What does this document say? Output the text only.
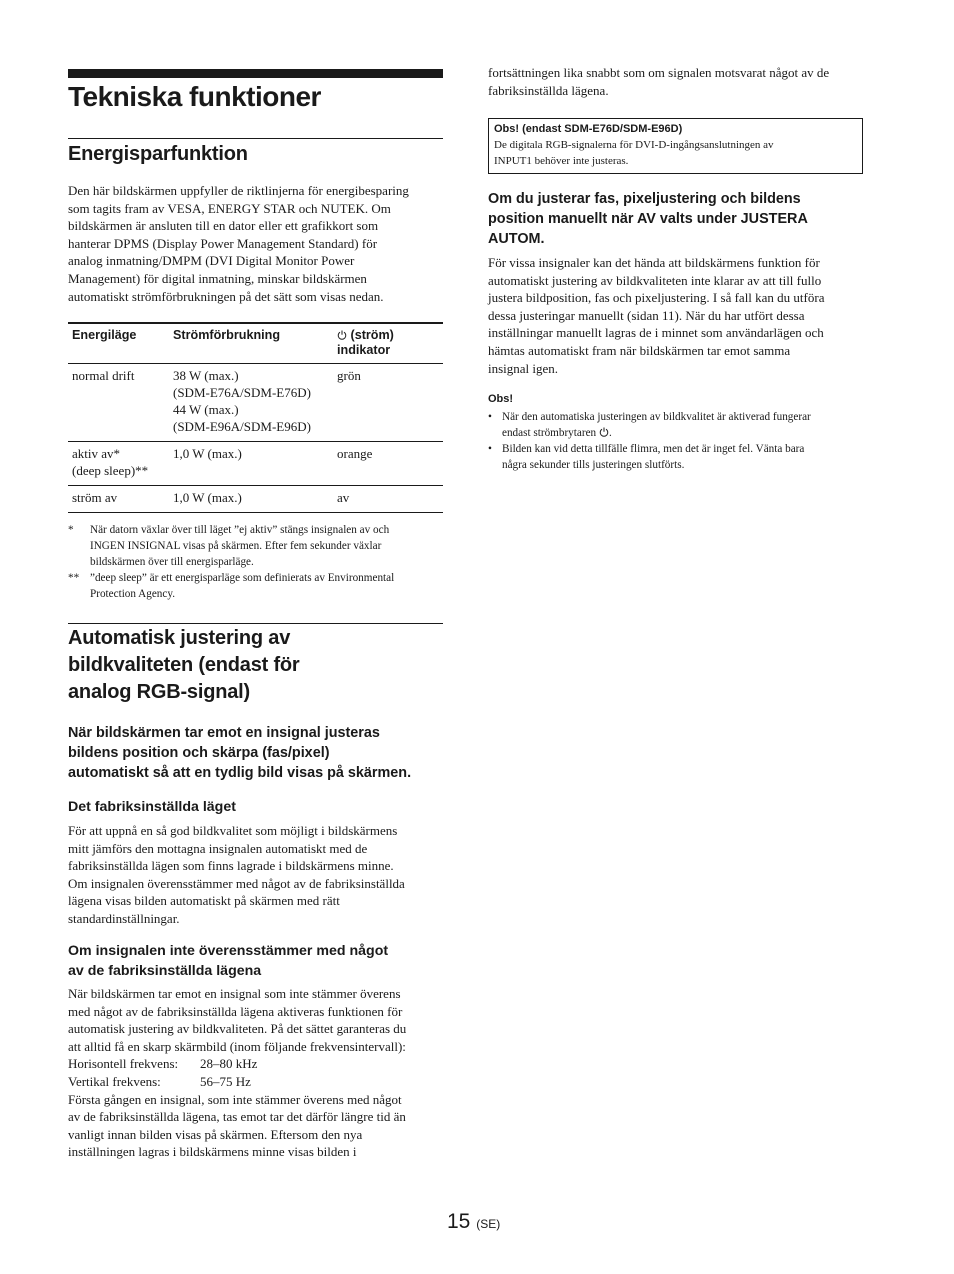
Tekniska funktioner
Energisparfunktion

Den här bildskärmen uppfyller de riktlinjerna för energibesparing
som tagits fram av VESA, ENERGY STAR och NUTEK. Om
bildskärmen är ansluten till en dator eller ett grafikkort som
hanterar DPMS (Display Power Management Standard) för
analog inmatning/DMPM (DVI Digital Monitor Power
Management) för digital inmatning, minskar bildskärmen
automatiskt strömförbrukningen på det sätt som visas nedan.

Energiläge	Strömförbrukning	(ström) indikator
normal drift	38 W (max.)
(SDM-E76A/SDM-E76D)
44 W (max.)
(SDM-E96A/SDM-E96D)	grön

aktiv av*
(deep sleep)**	1,0 W (max.)	orange
ström av	1,0 W (max.)	av
* När datorn växlar över till läget ”ej aktiv” stängs insignalen av och
INGEN INSIGNAL visas på skärmen. Efter fem sekunder växlar
bildskärmen över till energisparläge.
** ”deep sleep” är ett energisparläge som definierats av Environmental
Protection Agency.
Automatisk justering av
bildkvaliteten (endast för
analog RGB-signal)
När bildskärmen tar emot en insignal justeras
bildens position och skärpa (fas/pixel)
automatiskt så att en tydlig bild visas på skärmen.
Det fabriksinställda läget

För att uppnå en så god bildkvalitet som möjligt i bildskärmens
mitt jämförs den mottagna insignalen automatiskt med de
fabriksinställda lägen som finns lagrade i bildskärmens minne.
Om insignalen överensstämmer med något av de fabriksinställda
lägena visas bilden automatiskt på skärmen med rätt
standardinställningar.

Om insignalen inte överensstämmer med något
av de fabriksinställda lägena

När bildskärmen tar emot en insignal som inte stämmer överens
med något av de fabriksinställda lägena aktiveras funktionen för
automatisk justering av bildkvaliteten. På det sättet garanteras du
att alltid få en skarp skärmbild (inom följande frekvensintervall):
Horisontell frekvens: 28–80 kHz
Vertikal frekvens:	56–75 Hz
Första gången en insignal, som inte stämmer överens med något
av de fabriksinställda lägena, tas emot tar det därför längre tid än
vanligt innan bilden visas på skärmen. Eftersom den nya
inställningen lagras i bildskärmens minne visas bilden i

fortsättningen lika snabbt som om signalen motsvarat något av de
fabriksinställda lägena.

Obs! (endast SDM-E76D/SDM-E96D)
De digitala RGB-signalerna för DVI-D-ingångsanslutningen av
INPUT1 behöver inte justeras.
Om du justerar fas, pixeljustering och bildens
position manuellt när AV valts under JUSTERA
AUTOM.

För vissa insignaler kan det hända att bildskärmens funktion för
automatiskt justering av bildkvaliteten inte klarar av att till fullo
justera bildposition, fas och pixeljustering. I så fall kan du utföra
dessa justeringar manuellt (sidan 11). När du har utfört dessa
inställningar manuellt lagras de i minnet som användarlägen och
hämtas automatiskt fram när bildskärmen tar emot samma
insignal igen.

Obs!
• När den automatiska justeringen av bildkvalitet är aktiverad fungerar
endast strömbrytaren .
• Bilden kan vid detta tillfälle flimra, men det är inget fel. Vänta bara
några sekunder tills justeringen slutförts.
15 (SE)
